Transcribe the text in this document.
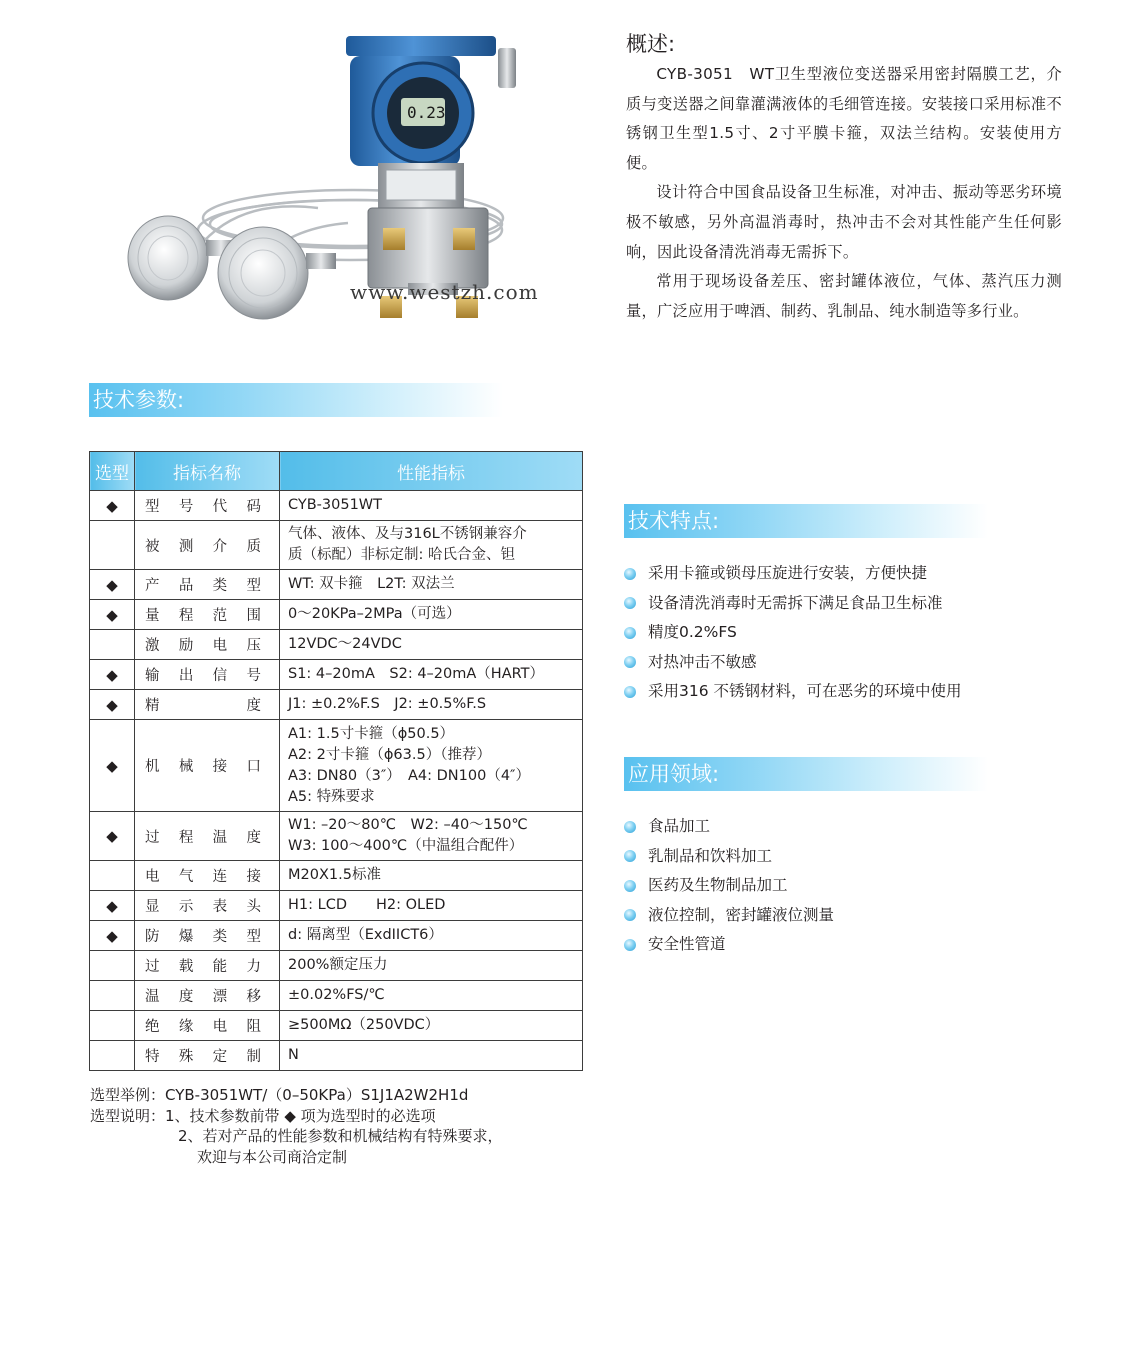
0.23
www.westzh.com
概述:

CYB-3051　WT卫生型液位变送器采用密封隔膜工艺，介质与变送器之间靠灌满液体的毛细管连接。安装接口采用标准不锈钢卫生型1.5寸、2寸平膜卡箍，双法兰结构。安装使用方便。

设计符合中国食品设备卫生标准，对冲击、振动等恶劣环境极不敏感，另外高温消毒时，热冲击不会对其性能产生任何影响，因此设备清洗消毒无需拆下。

常用于现场设备差压、密封罐体液位，气体、蒸汽压力测量，广泛应用于啤酒、制药、乳制品、纯水制造等多行业。

技术参数:
选型	指标名称	性能指标
◆	型号代码	CYB-3051WT

	被测介质	气体、液体、及与316L不锈钢兼容介
质（标配）非标定制: 哈氏合金、钽

◆	产品类型	WT: 双卡箍　L2T: 双法兰

◆	量程范围	0～20KPa–2MPa（可选）

	激励电压	12VDC～24VDC

◆	输出信号	S1: 4–20mA　S2: 4–20mA（HART）

◆	精　度	J1: ±0.2%F.S　J2: ±0.5%F.S

◆	机械接口	A1: 1.5寸卡箍（ϕ50.5）
A2: 2寸卡箍（ϕ63.5）（推荐）
A3: DN80（3″）　A4: DN100（4″）
A5: 特殊要求

◆	过程温度	W1: –20～80℃　W2: –40～150℃
W3: 100～400℃（中温组合配件）

	电气连接	M20X1.5标准

◆	显示表头	H1: LCD　　H2: OLED

◆	防爆类型	d: 隔离型（ExdIICT6）

	过载能力	200%额定压力

	温度漂移	±0.02%FS/℃

	绝缘电阻	≥500MΩ（250VDC）

	特殊定制	N
选型举例：CYB-3051WT/（0–50KPa）S1J1A2W2H1d
选型说明：1、技术参数前带 ◆ 项为选型时的必选项
2、若对产品的性能参数和机械结构有特殊要求，
欢迎与本公司商洽定制
技术特点:
采用卡箍或锁母压旋进行安装，方便快捷
设备清洗消毒时无需拆下满足食品卫生标准
精度0.2%FS
对热冲击不敏感
采用316 不锈钢材料，可在恶劣的环境中使用
应用领域:
食品加工
乳制品和饮料加工
医药及生物制品加工
液位控制，密封罐液位测量
安全性管道
